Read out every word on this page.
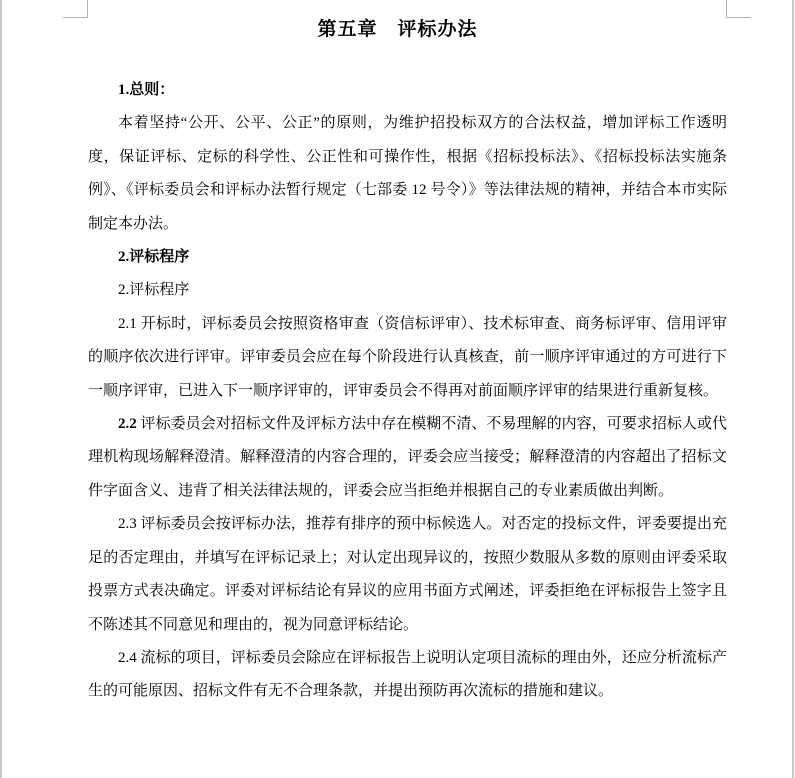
第五章　评标办法

1.总则：

本着坚持“公开、公平、公正”的原则，为维护招投标双方的合法权益，增加评标工作透明度，保证评标、定标的科学性、公正性和可操作性，根据《招标投标法》、《招标投标法实施条例》、《评标委员会和评标办法暂行规定（七部委 12 号令）》等法律法规的精神，并结合本市实际制定本办法。

2.评标程序

2.评标程序

2.1 开标时，评标委员会按照资格审查（资信标评审）、技术标审查、商务标评审、信用评审的顺序依次进行评审。评审委员会应在每个阶段进行认真核查，前一顺序评审通过的方可进行下一顺序评审，已进入下一顺序评审的，评审委员会不得再对前面顺序评审的结果进行重新复核。

2.2 评标委员会对招标文件及评标方法中存在模糊不清、不易理解的内容，可要求招标人或代理机构现场解释澄清。解释澄清的内容合理的，评委会应当接受；解释澄清的内容超出了招标文件字面含义、违背了相关法律法规的，评委会应当拒绝并根据自己的专业素质做出判断。

2.3 评标委员会按评标办法，推荐有排序的预中标候选人。对否定的投标文件，评委要提出充足的否定理由，并填写在评标记录上；对认定出现异议的，按照少数服从多数的原则由评委采取投票方式表决确定。评委对评标结论有异议的应用书面方式阐述，评委拒绝在评标报告上签字且不陈述其不同意见和理由的，视为同意评标结论。

2.4 流标的项目，评标委员会除应在评标报告上说明认定项目流标的理由外，还应分析流标产生的可能原因、招标文件有无不合理条款，并提出预防再次流标的措施和建议。
